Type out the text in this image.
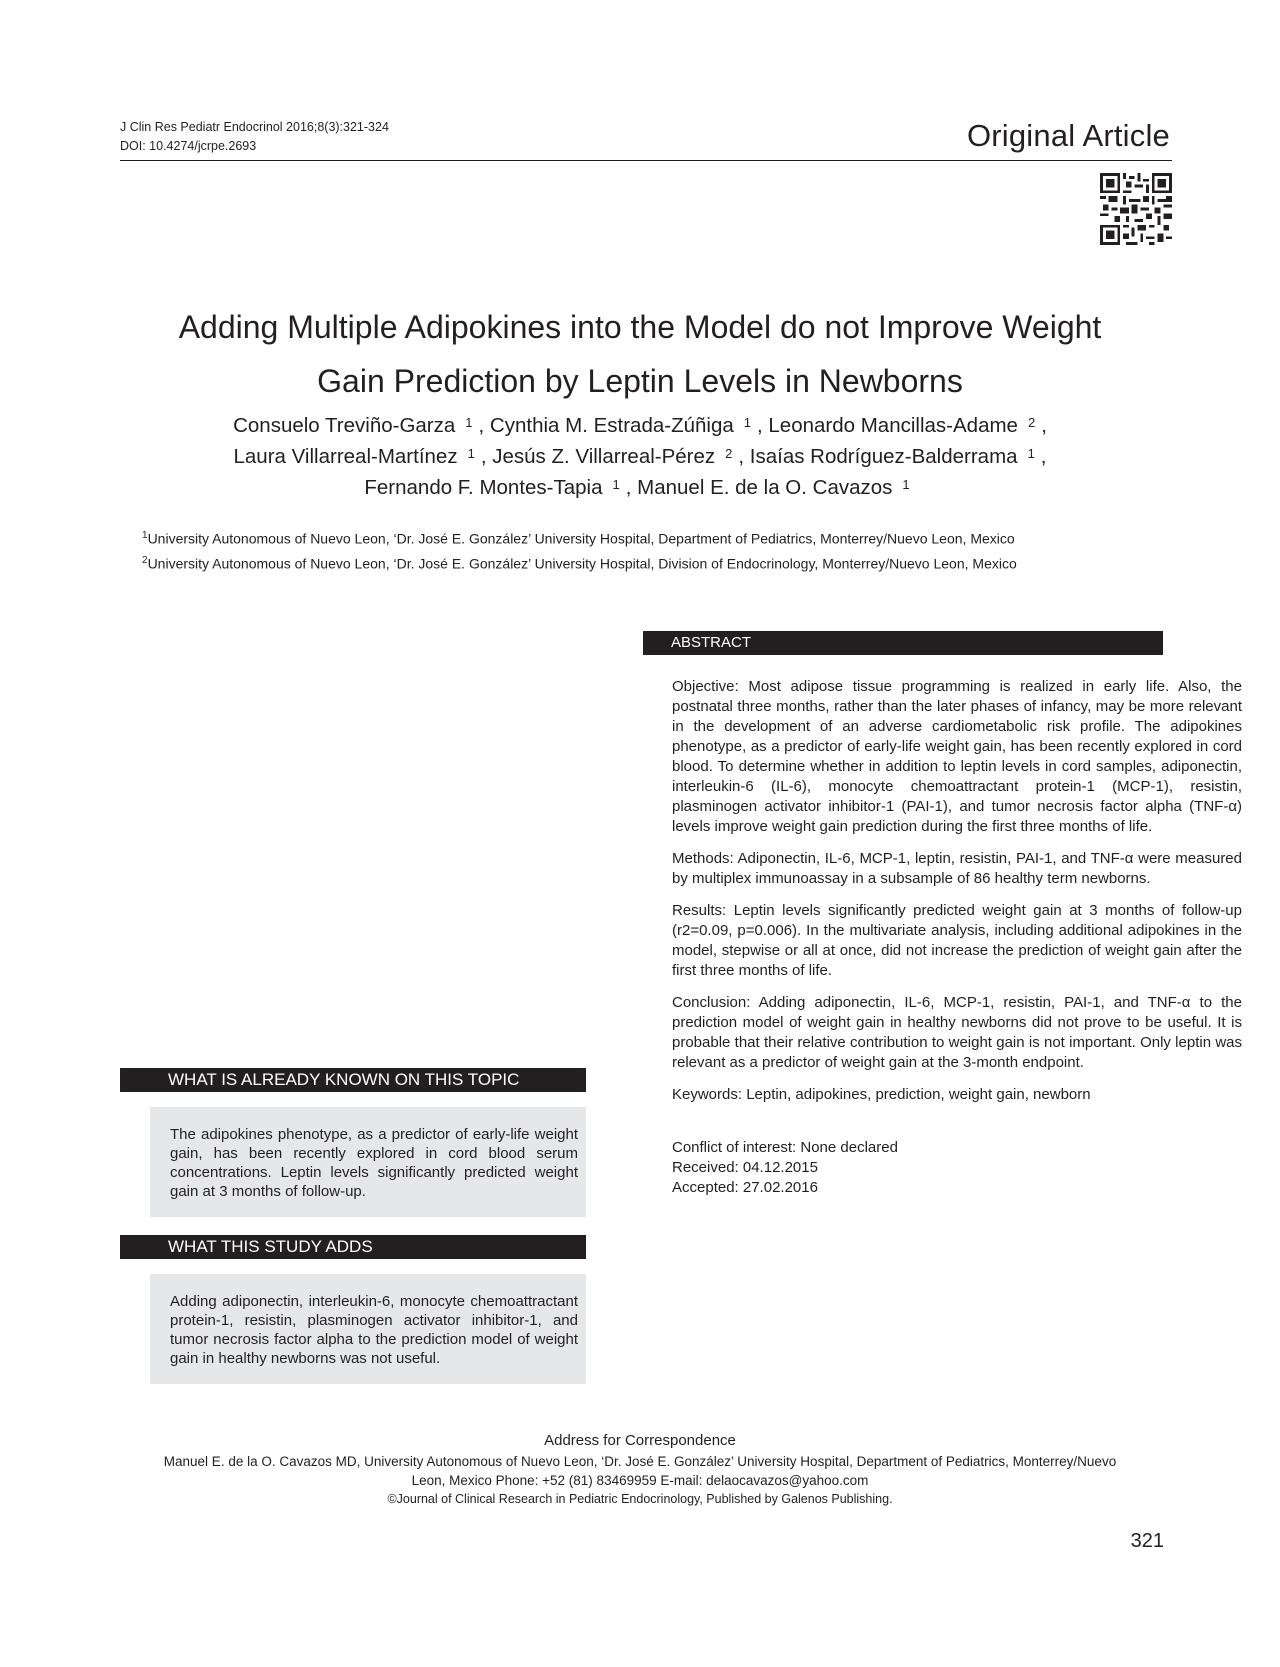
J Clin Res Pediatr Endocrinol 2016;8(3):321-324
DOI: 10.4274/jcrpe.2693	Original Article
Adding Multiple Adipokines into the Model do not Improve Weight
Gain Prediction by Leptin Levels in Newborns
Consuelo Treviño-Garza $^1$ , Cynthia M. Estrada-Zúñiga $^1$ , Leonardo Mancillas-Adame $^2$ ,
Laura Villarreal-Martínez $^1$ , Jesús Z. Villarreal-Pérez $^2$ , Isaías Rodríguez-Balderrama $^1$ ,
Fernando F. Montes-Tapia $^1$ , Manuel E. de la O. Cavazos $^1$
$^1$University Autonomous of Nuevo Leon, ‘Dr. José E. González’ University Hospital, Department of Pediatrics, Monterrey/Nuevo Leon, Mexico
$^2$University Autonomous of Nuevo Leon, ‘Dr. José E. González’ University Hospital, Division of Endocrinology, Monterrey/Nuevo Leon, Mexico
ABSTRACT

Objective: Most adipose tissue programming is realized in early life. Also, the postnatal three months, rather than the later phases of infancy, may be more relevant in the development of an adverse cardiometabolic risk profile. The adipokines phenotype, as a predictor of early-life weight gain, has been recently explored in cord blood. To determine whether in addition to leptin levels in cord samples, adiponectin, interleukin-6 (IL-6), monocyte chemoattractant protein-1 (MCP-1), resistin, plasminogen activator inhibitor-1 (PAI-1), and tumor necrosis factor alpha (TNF-α) levels improve weight gain prediction during the first three months of life.

Methods: Adiponectin, IL-6, MCP-1, leptin, resistin, PAI-1, and TNF-α were measured by multiplex immunoassay in a subsample of 86 healthy term newborns.

Results: Leptin levels significantly predicted weight gain at 3 months of follow-up (r2=0.09, p=0.006). In the multivariate analysis, including additional adipokines in the model, stepwise or all at once, did not increase the prediction of weight gain after the first three months of life.

Conclusion: Adding adiponectin, IL-6, MCP-1, resistin, PAI-1, and TNF-α to the prediction model of weight gain in healthy newborns did not prove to be useful. It is probable that their relative contribution to weight gain is not important. Only leptin was relevant as a predictor of weight gain at the 3-month endpoint.

Keywords: Leptin, adipokines, prediction, weight gain, newborn

Conflict of interest: None declared
Received: 04.12.2015
Accepted: 27.02.2016
WHAT IS ALREADY KNOWN ON THIS TOPIC
The adipokines phenotype, as a predictor of early-life weight gain, has been recently explored in cord blood serum concentrations. Leptin levels significantly predicted weight gain at 3 months of follow-up.
WHAT THIS STUDY ADDS
Adding adiponectin, interleukin-6, monocyte chemoattractant protein-1, resistin, plasminogen activator inhibitor-1, and tumor necrosis factor alpha to the prediction model of weight gain in healthy newborns was not useful.
Address for Correspondence
Manuel E. de la O. Cavazos MD, University Autonomous of Nuevo Leon, ‘Dr. José E. González’ University Hospital, Department of Pediatrics, Monterrey/Nuevo
Leon, Mexico Phone: +52 (81) 83469959 E-mail: delaocavazos@yahoo.com
©Journal of Clinical Research in Pediatric Endocrinology, Published by Galenos Publishing.
321
